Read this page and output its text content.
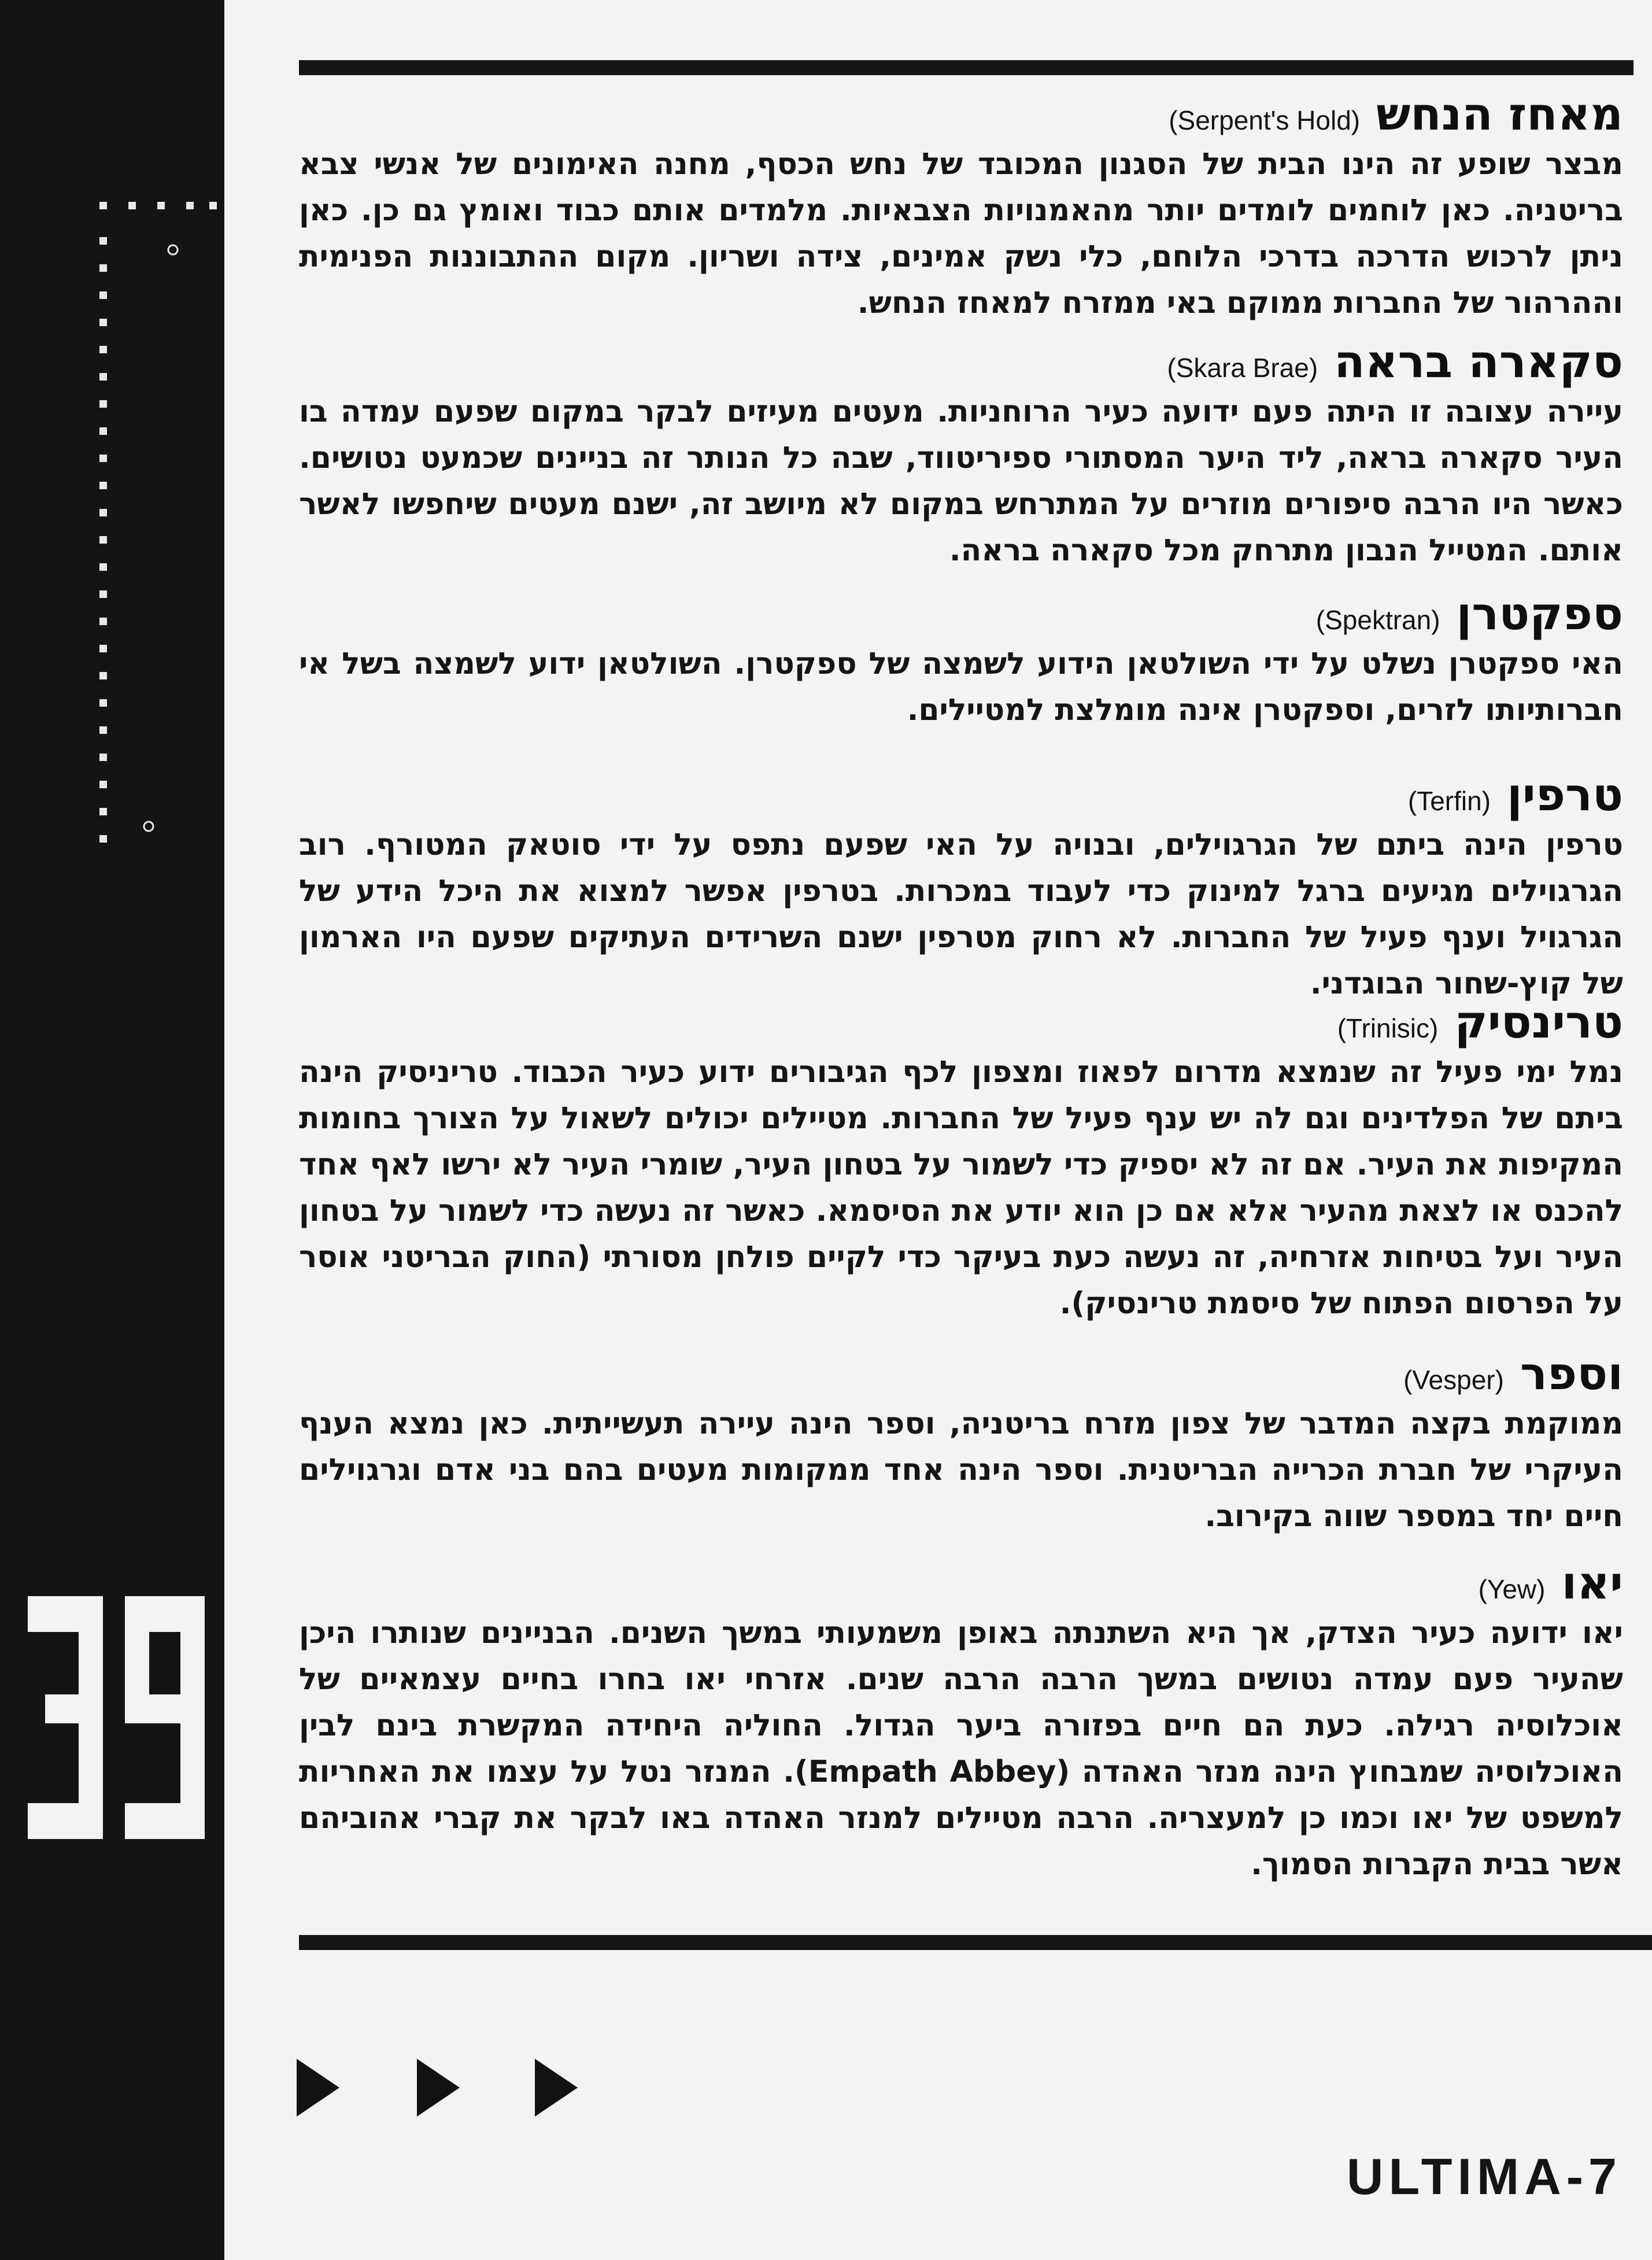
ULTIMA-7

מאחז הנחש(Serpent's Hold)

מבצר שופע זה הינו הבית של הסגנון המכובד של נחש הכסף, מחנה האימונים של אנשי צבא בריטניה. כאן לוחמים לומדים יותר מהאמנויות הצבאיות. מלמדים אותם כבוד ואומץ גם כן. כאן ניתן לרכוש הדרכה בדרכי הלוחם, כלי נשק אמינים, צידה ושריון. מקום ההתבוננות הפנימית וההרהור של החברות ממוקם באי ממזרח למאחז הנחש.

סקארה בראה(Skara Brae)

עיירה עצובה זו היתה פעם ידועה כעיר הרוחניות. מעטים מעיזים לבקר במקום שפעם עמדה בו העיר סקארה בראה, ליד היער המסתורי ספיריטווד, שבה כל הנותר זה בניינים שכמעט נטושים. כאשר היו הרבה סיפורים מוזרים על המתרחש במקום לא מיושב זה, ישנם מעטים שיחפשו לאשר אותם. המטייל הנבון מתרחק מכל סקארה בראה.

ספקטרן(Spektran)

האי ספקטרן נשלט על ידי השולטאן הידוע לשמצה של ספקטרן. השולטאן ידוע לשמצה בשל אי חברותיותו לזרים, וספקטרן אינה מומלצת למטיילים.

טרפין(Terfin)

טרפין הינה ביתם של הגרגוילים, ובנויה על האי שפעם נתפס על ידי סוטאק המטורף. רוב הגרגוילים מגיעים ברגל למינוק כדי לעבוד במכרות. בטרפין אפשר למצוא את היכל הידע של הגרגויל וענף פעיל של החברות. לא רחוק מטרפין ישנם השרידים העתיקים שפעם היו הארמון של קוץ-שחור הבוגדני.

טרינסיק(Trinisic)

נמל ימי פעיל זה שנמצא מדרום לפאוז ומצפון לכף הגיבורים ידוע כעיר הכבוד. טריניסיק הינה ביתם של הפלדינים וגם לה יש ענף פעיל של החברות. מטיילים יכולים לשאול על הצורך בחומות המקיפות את העיר. אם זה לא יספיק כדי לשמור על בטחון העיר, שומרי העיר לא ירשו לאף אחד להכנס או לצאת מהעיר אלא אם כן הוא יודע את הסיסמא. כאשר זה נעשה כדי לשמור על בטחון העיר ועל בטיחות אזרחיה, זה נעשה כעת בעיקר כדי לקיים פולחן מסורתי (החוק הבריטני אוסר על הפרסום הפתוח של סיסמת טרינסיק).

וספר(Vesper)

ממוקמת בקצה המדבר של צפון מזרח בריטניה, וספר הינה עיירה תעשייתית. כאן נמצא הענף העיקרי של חברת הכרייה הבריטנית. וספר הינה אחד ממקומות מעטים בהם בני אדם וגרגוילים חיים יחד במספר שווה בקירוב.

יאו(Yew)

יאו ידועה כעיר הצדק, אך היא השתנתה באופן משמעותי במשך השנים. הבניינים שנותרו היכן שהעיר פעם עמדה נטושים במשך הרבה הרבה שנים. אזרחי יאו בחרו בחיים עצמאיים של אוכלוסיה רגילה. כעת הם חיים בפזורה ביער הגדול. החוליה היחידה המקשרת בינם לבין האוכלוסיה שמבחוץ הינה מנזר האהדה (Empath Abbey). המנזר נטל על עצמו את האחריות למשפט של יאו וכמו כן למעצריה. הרבה מטיילים למנזר האהדה באו לבקר את קברי אהוביהם אשר בבית הקברות הסמוך.
